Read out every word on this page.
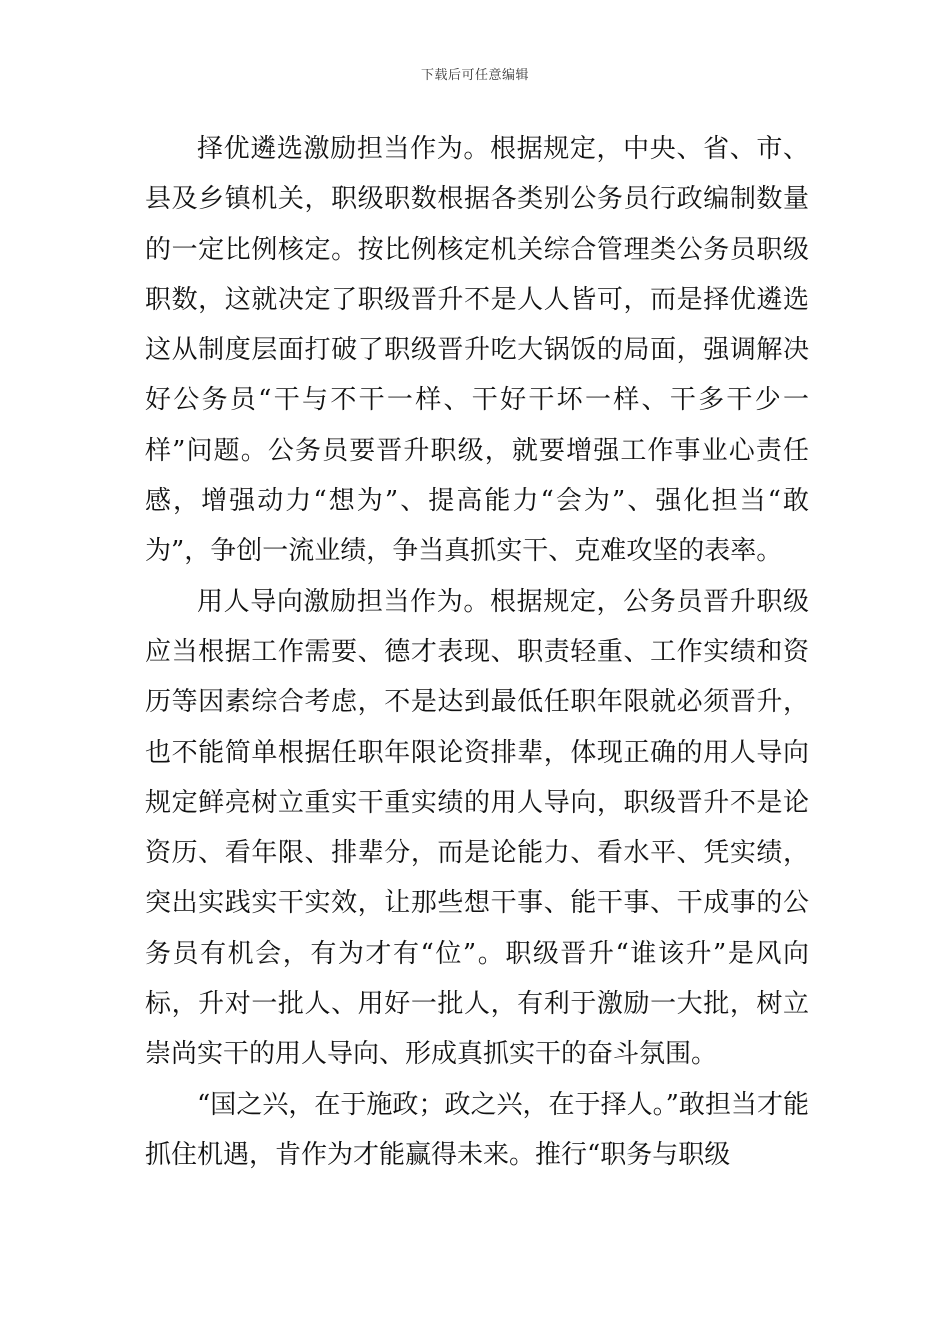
下载后可任意编辑

择优遴选激励担当作为。根据规定，中央、省、市、县及乡镇机关，职级职数根据各类别公务员行政编制数量的一定比例核定。按比例核定机关综合管理类公务员职级职数，这就决定了职级晋升不是人人皆可，而是择优遴选这从制度层面打破了职级晋升吃大锅饭的局面，强调解决好公务员“干与不干一样、干好干坏一样、干多干少一样”问题。公务员要晋升职级，就要增强工作事业心责任感，增强动力“想为”、提高能力“会为”、强化担当“敢为”，争创一流业绩，争当真抓实干、克难攻坚的表率。

用人导向激励担当作为。根据规定，公务员晋升职级应当根据工作需要、德才表现、职责轻重、工作实绩和资历等因素综合考虑，不是达到最低任职年限就必须晋升，也不能简单根据任职年限论资排辈，体现正确的用人导向规定鲜亮树立重实干重实绩的用人导向，职级晋升不是论资历、看年限、排辈分，而是论能力、看水平、凭实绩，突出实践实干实效，让那些想干事、能干事、干成事的公务员有机会，有为才有“位”。职级晋升“谁该升”是风向标，升对一批人、用好一批人，有利于激励一大批，树立崇尚实干的用人导向、形成真抓实干的奋斗氛围。

“国之兴，在于施政；政之兴，在于择人。”敢担当才能抓住机遇，肯作为才能赢得未来。推行“职务与职级
